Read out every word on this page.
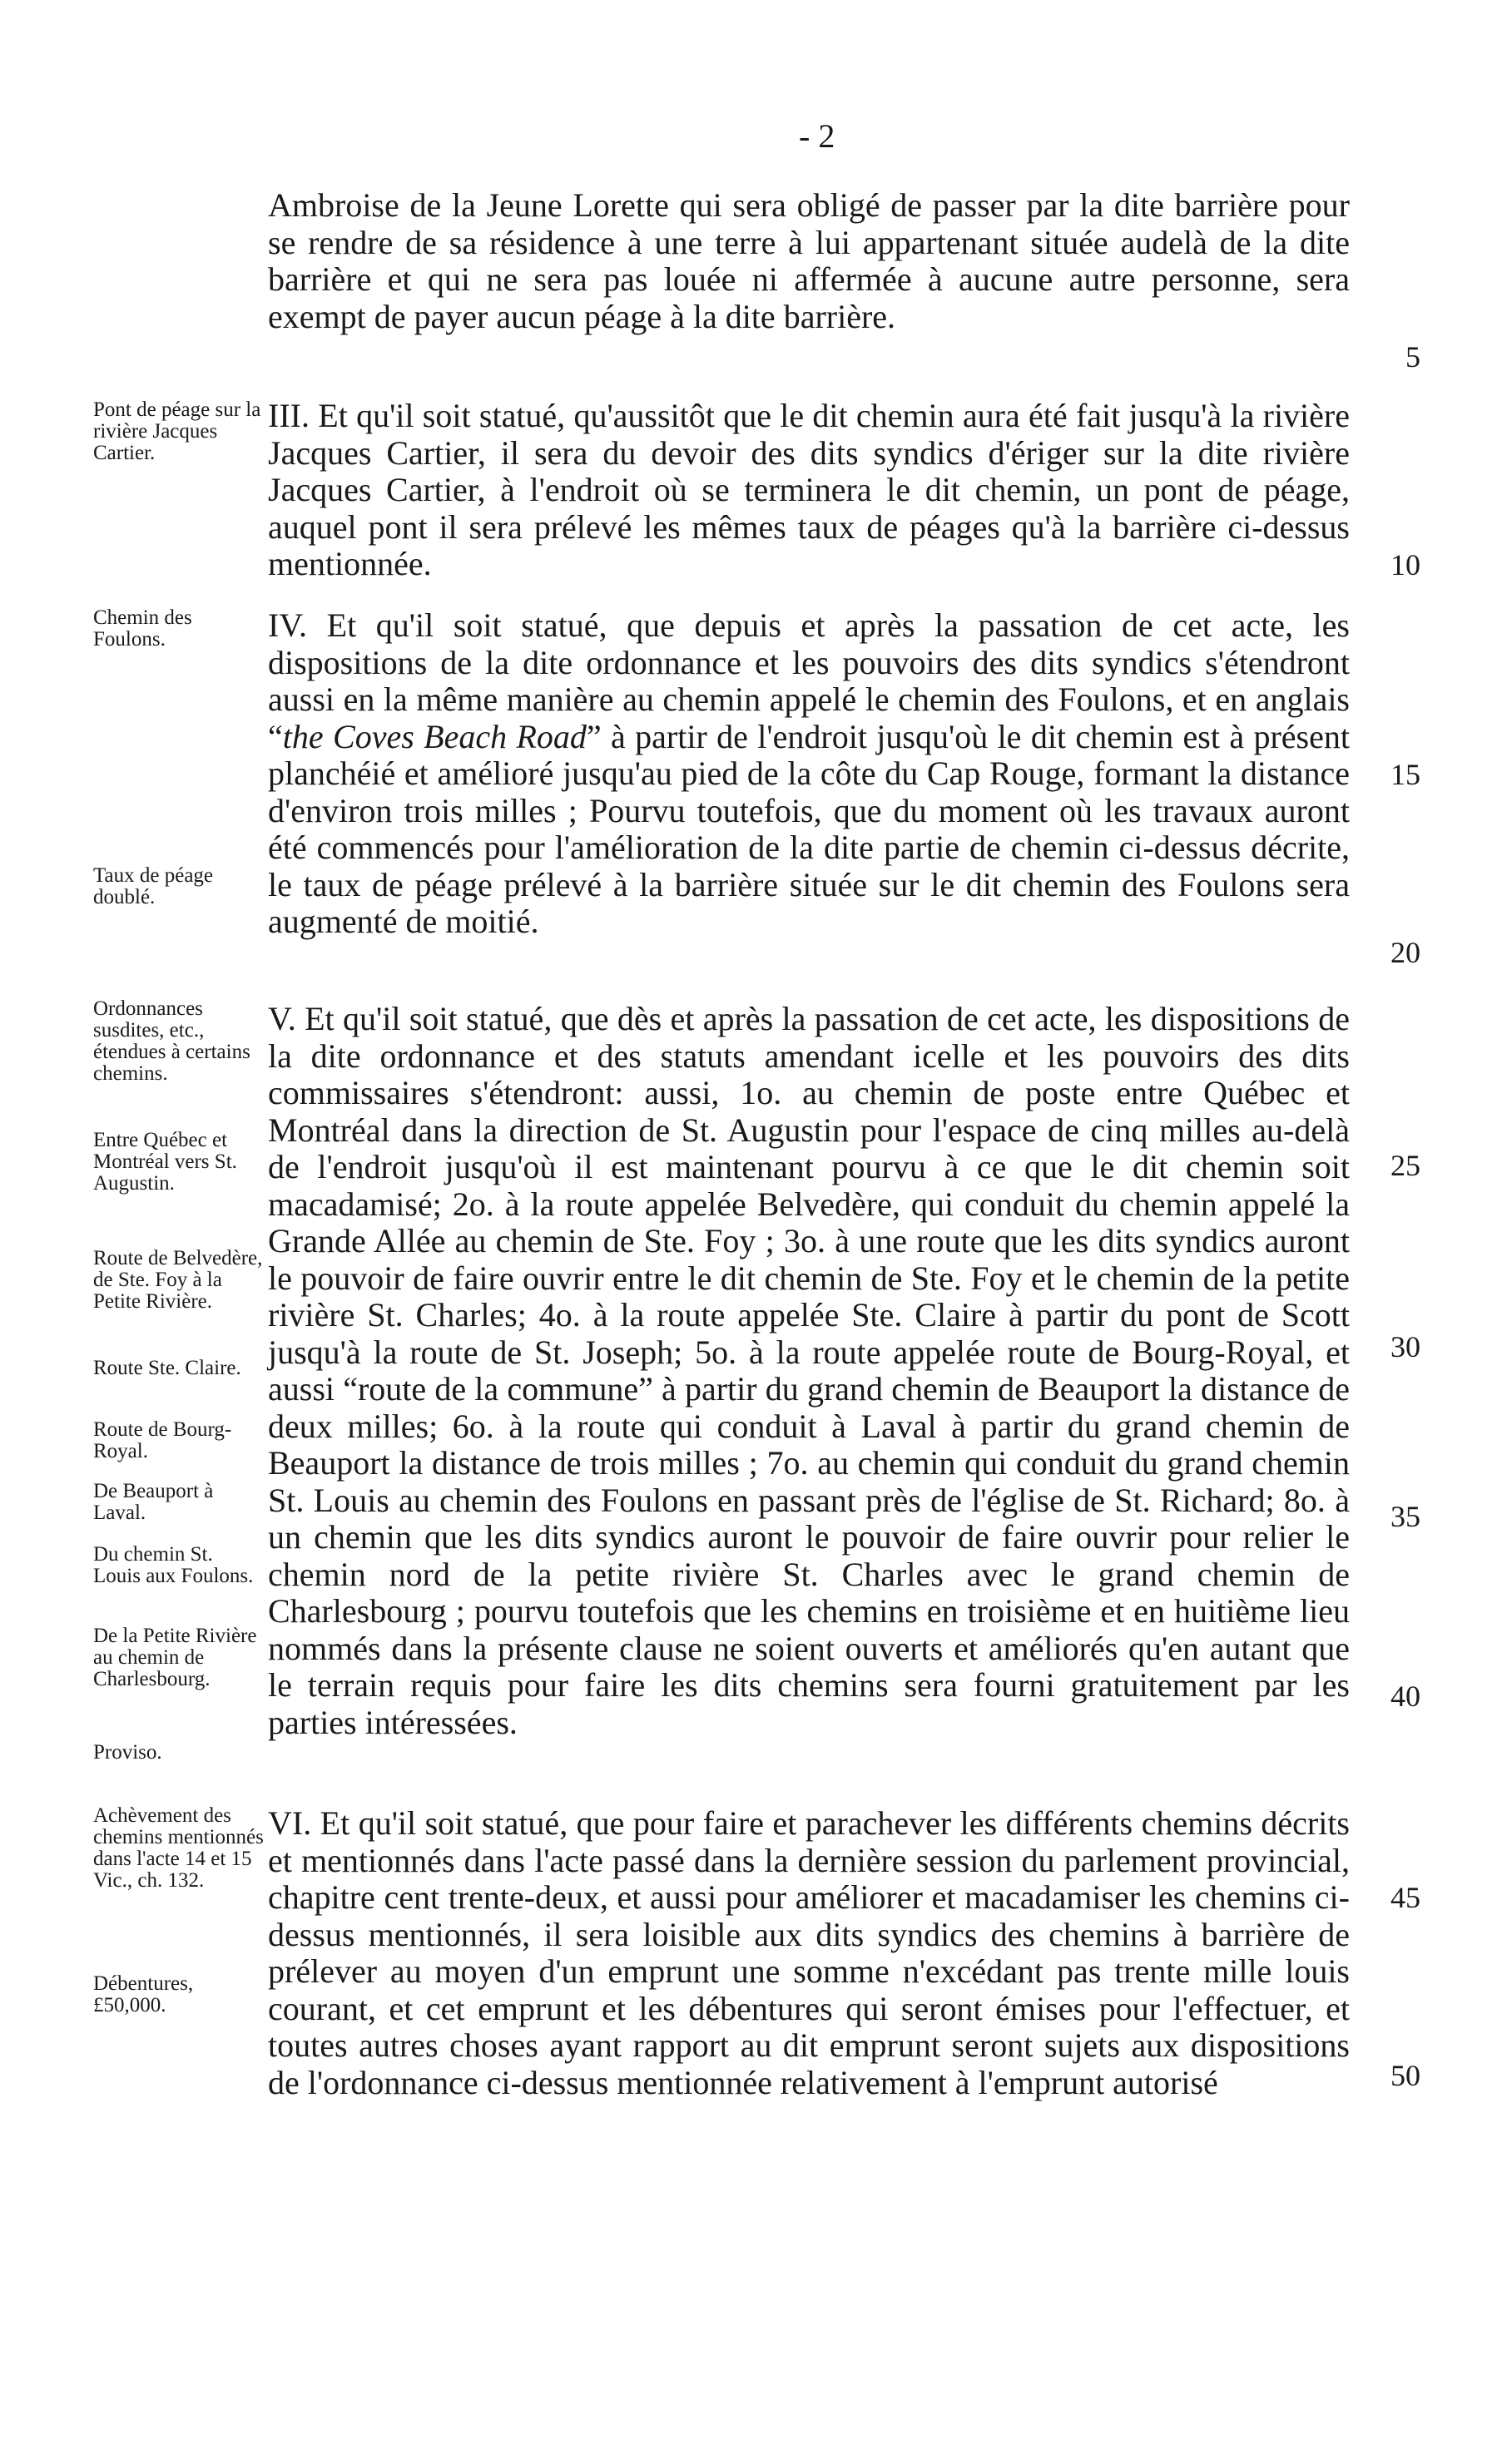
- 2

Ambroise de la Jeune Lorette qui sera obligé de passer par la dite barrière pour se rendre de sa résidence à une terre à lui appartenant située audelà de la dite barrière et qui ne sera pas louée ni affermée à aucune autre personne, sera exempt de payer aucun péage à la dite barrière.

III. Et qu'il soit statué, qu'aussitôt que le dit chemin aura été fait jusqu'à la rivière Jacques Cartier, il sera du devoir des dits syndics d'ériger sur la dite rivière Jacques Cartier, à l'endroit où se terminera le dit chemin, un pont de péage, auquel pont il sera prélevé les mêmes taux de péages qu'à la barrière ci-dessus mentionnée.

IV. Et qu'il soit statué, que depuis et après la passation de cet acte, les dispositions de la dite ordonnance et les pouvoirs des dits syndics s'étendront aussi en la même manière au chemin appelé le chemin des Foulons, et en anglais “the Coves Beach Road” à partir de l'endroit jusqu'où le dit chemin est à présent planchéié et amélioré jusqu'au pied de la côte du Cap Rouge, formant la distance d'environ trois milles ; Pourvu toutefois, que du moment où les travaux auront été commencés pour l'amélioration de la dite partie de chemin ci-dessus décrite, le taux de péage prélevé à la barrière située sur le dit chemin des Foulons sera augmenté de moitié.

V. Et qu'il soit statué, que dès et après la passation de cet acte, les dispositions de la dite ordonnance et des statuts amendant icelle et les pouvoirs des dits commissaires s'étendront: aussi, 1o. au chemin de poste entre Québec et Montréal dans la direction de St. Augustin pour l'espace de cinq milles au-delà de l'endroit jusqu'où il est maintenant pourvu à ce que le dit chemin soit macadamisé; 2o. à la route appelée Belvedère, qui conduit du chemin appelé la Grande Allée au chemin de Ste. Foy ; 3o. à une route que les dits syndics auront le pouvoir de faire ouvrir entre le dit chemin de Ste. Foy et le chemin de la petite rivière St. Charles; 4o. à la route appelée Ste. Claire à partir du pont de Scott jusqu'à la route de St. Joseph; 5o. à la route appelée route de Bourg-Royal, et aussi “route de la commune” à partir du grand chemin de Beauport la distance de deux milles; 6o. à la route qui conduit à Laval à partir du grand chemin de Beauport la distance de trois milles ; 7o. au chemin qui conduit du grand chemin St. Louis au chemin des Foulons en passant près de l'église de St. Richard; 8o. à un chemin que les dits syndics auront le pouvoir de faire ouvrir pour relier le chemin nord de la petite rivière St. Charles avec le grand chemin de Charlesbourg ; pourvu toutefois que les chemins en troisième et en huitième lieu nommés dans la présente clause ne soient ouverts et améliorés qu'en autant que le terrain requis pour faire les dits chemins sera fourni gratuitement par les parties intéressées.

VI. Et qu'il soit statué, que pour faire et parachever les différents chemins décrits et mentionnés dans l'acte passé dans la dernière session du parlement provincial, chapitre cent trente-deux, et aussi pour améliorer et macadamiser les chemins ci-dessus mentionnés, il sera loisible aux dits syndics des chemins à barrière de prélever au moyen d'un emprunt une somme n'excédant pas trente mille louis courant, et cet emprunt et les débentures qui seront émises pour l'effectuer, et toutes autres choses ayant rapport au dit emprunt seront sujets aux dispositions de l'ordonnance ci-dessus mentionnée relativement à l'emprunt autorisé

Pont de péage sur la rivière Jacques Cartier.
Chemin des Foulons.
Taux de péage doublé.
Ordonnances susdites, etc., étendues à certains chemins.
Entre Québec et Montréal vers St. Augustin.
Route de Belvedère, de Ste. Foy à la Petite Rivière.
Route Ste. Claire.
Route de Bourg-Royal.
De Beauport à Laval.
Du chemin St. Louis aux Foulons.
De la Petite Rivière au chemin de Charlesbourg.
Proviso.
Achèvement des chemins mentionnés dans l'acte 14 et 15 Vic., ch. 132.
Débentures, £50,000.
5
10
15
20
25
30
35
40
45
50
